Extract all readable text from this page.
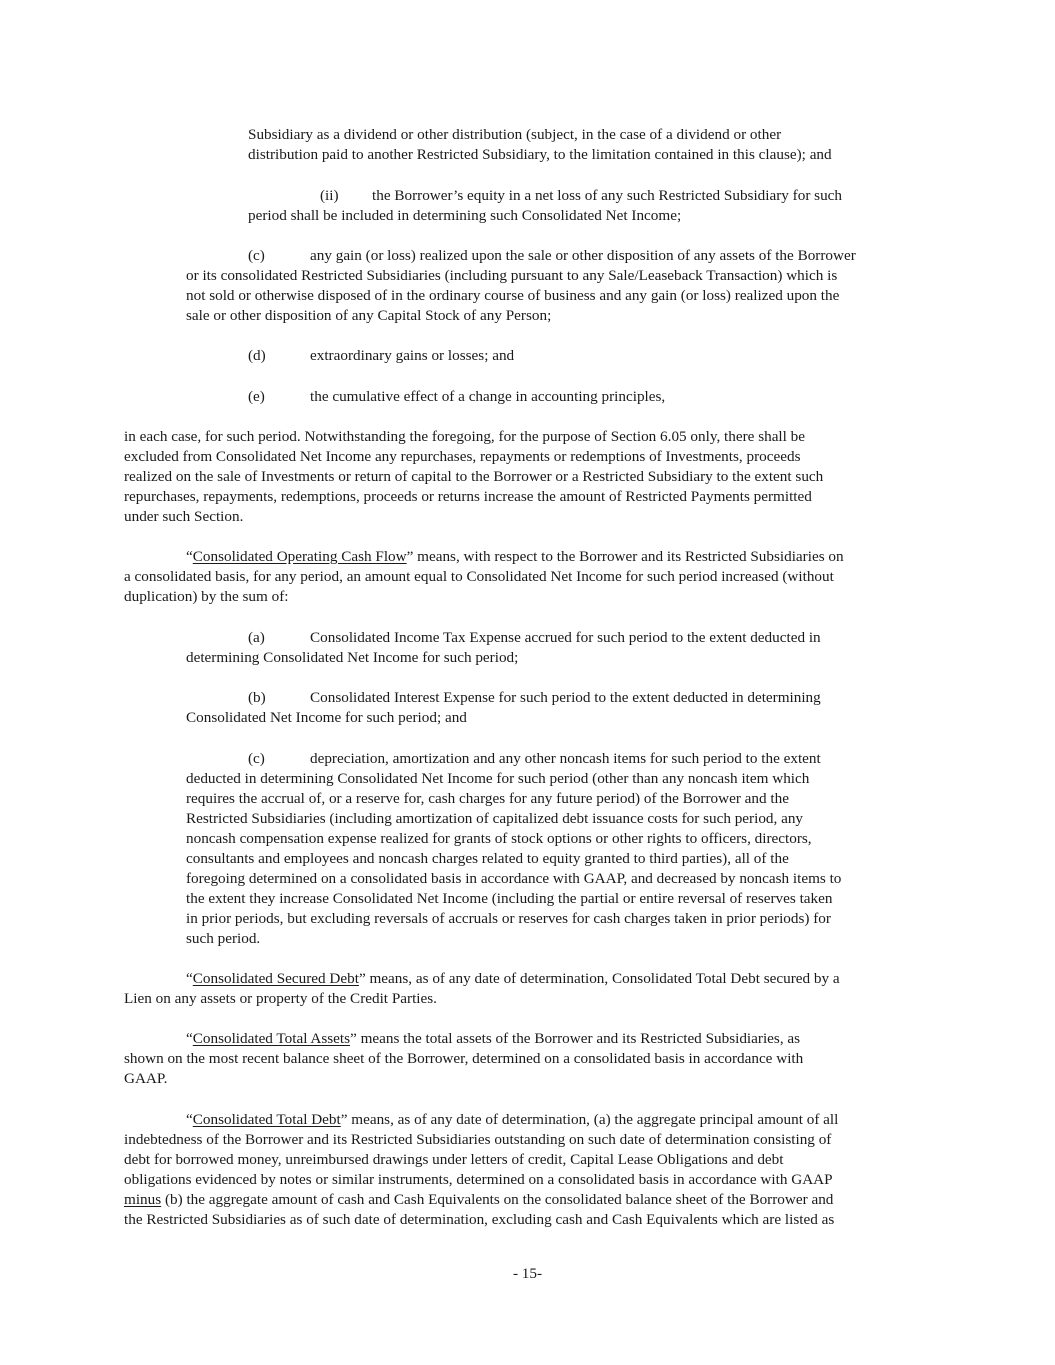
Subsidiary as a dividend or other distribution (subject, in the case of a dividend or other

distribution paid to another Restricted Subsidiary, to the limitation contained in this clause); and

(ii) the Borrower’s equity in a net loss of any such Restricted Subsidiary for such

period shall be included in determining such Consolidated Net Income;

(c)	any gain (or loss) realized upon the sale or other disposition of any assets of the Borrower

or its consolidated Restricted Subsidiaries (including pursuant to any Sale/Leaseback Transaction) which is

not sold or otherwise disposed of in the ordinary course of business and any gain (or loss) realized upon the

sale or other disposition of any Capital Stock of any Person;

(d)	extraordinary gains or losses; and

(e)	the cumulative effect of a change in accounting principles,

in each case, for such period. Notwithstanding the foregoing, for the purpose of Section 6.05 only, there shall be

excluded from Consolidated Net Income any repurchases, repayments or redemptions of Investments, proceeds

realized on the sale of Investments or return of capital to the Borrower or a Restricted Subsidiary to the extent such

repurchases, repayments, redemptions, proceeds or returns increase the amount of Restricted Payments permitted

under such Section.

“Consolidated Operating Cash Flow” means, with respect to the Borrower and its Restricted Subsidiaries on

a consolidated basis, for any period, an amount equal to Consolidated Net Income for such period increased (without

duplication) by the sum of:

(a)	Consolidated Income Tax Expense accrued for such period to the extent deducted in

determining Consolidated Net Income for such period;

(b)	Consolidated Interest Expense for such period to the extent deducted in determining

Consolidated Net Income for such period; and

(c)	depreciation, amortization and any other noncash items for such period to the extent

deducted in determining Consolidated Net Income for such period (other than any noncash item which

requires the accrual of, or a reserve for, cash charges for any future period) of the Borrower and the

Restricted Subsidiaries (including amortization of capitalized debt issuance costs for such period, any

noncash compensation expense realized for grants of stock options or other rights to officers, directors,

consultants and employees and noncash charges related to equity granted to third parties), all of the

foregoing determined on a consolidated basis in accordance with GAAP, and decreased by noncash items to

the extent they increase Consolidated Net Income (including the partial or entire reversal of reserves taken

in prior periods, but excluding reversals of accruals or reserves for cash charges taken in prior periods) for

such period.

“Consolidated Secured Debt” means, as of any date of determination, Consolidated Total Debt secured by a

Lien on any assets or property of the Credit Parties.

“Consolidated Total Assets” means the total assets of the Borrower and its Restricted Subsidiaries, as

shown on the most recent balance sheet of the Borrower, determined on a consolidated basis in accordance with

GAAP.

“Consolidated Total Debt” means, as of any date of determination, (a) the aggregate principal amount of all

indebtedness of the Borrower and its Restricted Subsidiaries outstanding on such date of determination consisting of

debt for borrowed money, unreimbursed drawings under letters of credit, Capital Lease Obligations and debt

obligations evidenced by notes or similar instruments, determined on a consolidated basis in accordance with GAAP

minus (b) the aggregate amount of cash and Cash Equivalents on the consolidated balance sheet of the Borrower and

the Restricted Subsidiaries as of such date of determination, excluding cash and Cash Equivalents which are listed as

- 15-
